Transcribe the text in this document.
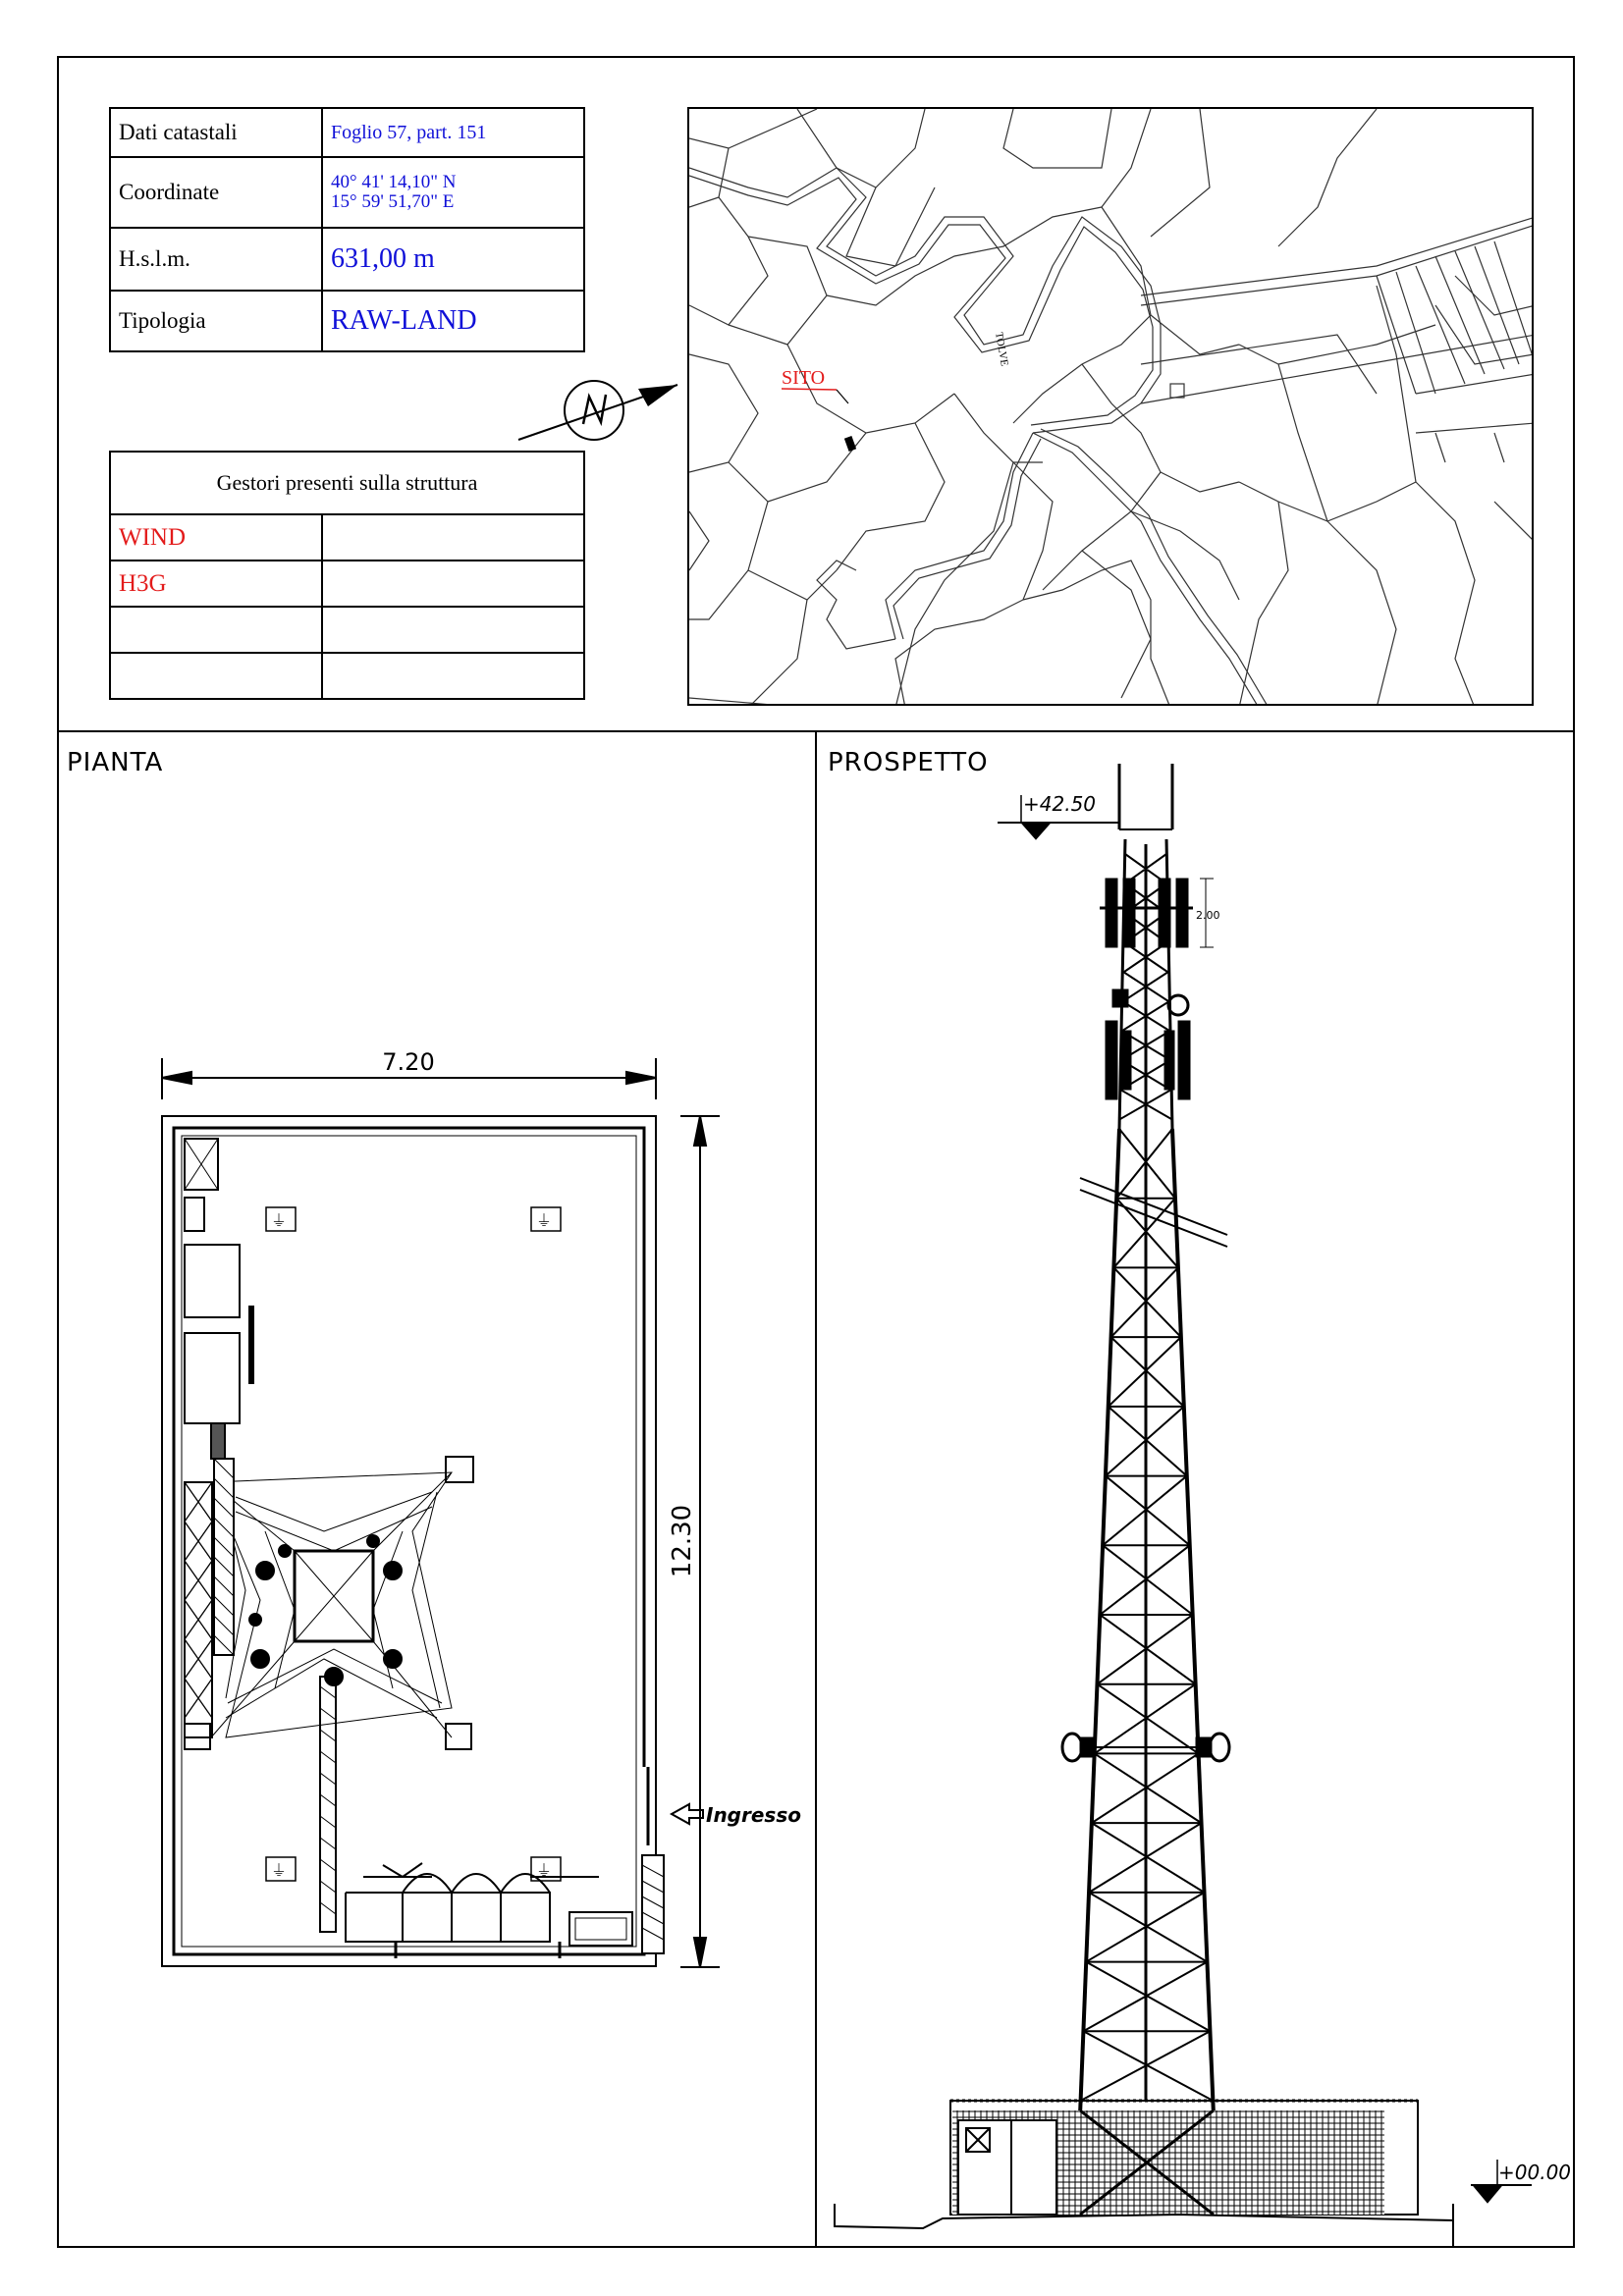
Dati catastali	Foglio 57, part. 151
Coordinate	40° 41' 14,10" N
15° 59' 51,70" E

H.s.l.m.	631,00 m
Tipologia	RAW-LAND
Gestori presenti sulla struttura	
WIND	
H3G	

SITO
TOLVE
PIANTA
⏚	⏚
⏚	⏚
7.20
12.30
Ingresso
PROSPETTO
+42.50
2.00
+00.00
